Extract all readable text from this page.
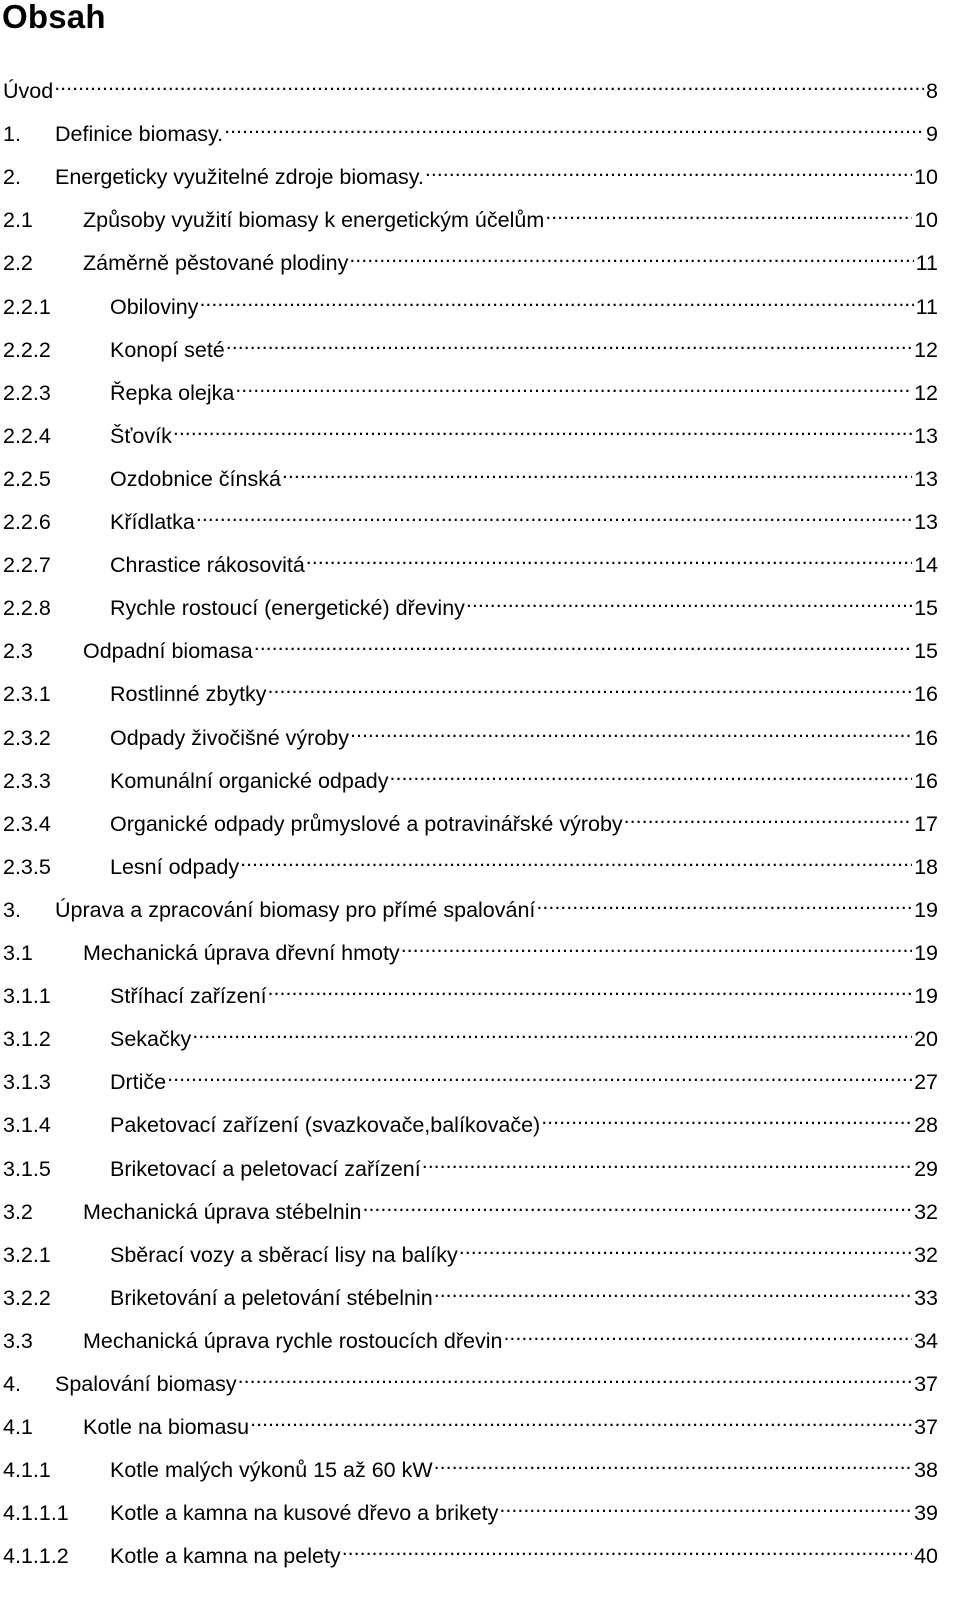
Obsah
Úvod .....	8
1.	Definice biomasy. .....	9
2.	Energeticky využitelné zdroje biomasy. .....	10
2.1	Způsoby využití biomasy k energetickým účelům .....	10
2.2	Záměrně pěstované plodiny .....	11
2.2.1	Obiloviny .....	11
2.2.2	Konopí seté .....	12
2.2.3	Řepka olejka .....	12
2.2.4	Šťovík .....	13
2.2.5	Ozdobnice čínská .....	13
2.2.6	Křídlatka .....	13
2.2.7	Chrastice rákosovitá .....	14
2.2.8	Rychle rostoucí (energetické) dřeviny .....	15
2.3	Odpadní biomasa .....	15
2.3.1	Rostlinné zbytky .....	16
2.3.2	Odpady živočišné výroby .....	16
2.3.3	Komunální organické odpady .....	16
2.3.4	Organické odpady průmyslové a potravinářské výroby .....	17
2.3.5	Lesní odpady .....	18
3.	Úprava a zpracování biomasy pro přímé spalování .....	19
3.1	Mechanická úprava dřevní hmoty .....	19
3.1.1	Stříhací zařízení .....	19
3.1.2	Sekačky .....	20
3.1.3	Drtiče .....	27
3.1.4	Paketovací zařízení (svazkovače,balíkovače) .....	28
3.1.5	Briketovací a peletovací zařízení .....	29
3.2	Mechanická úprava stébelnin .....	32
3.2.1	Sběrací vozy a sběrací lisy na balíky .....	32
3.2.2	Briketování a peletování stébelnin .....	33
3.3	Mechanická úprava rychle rostoucích dřevin .....	34
4.	Spalování biomasy .....	37
4.1	Kotle na biomasu .....	37
4.1.1	Kotle malých výkonů 15 až 60 kW .....	38
4.1.1.1	Kotle a kamna na kusové dřevo a brikety .....	39
4.1.1.2	Kotle a kamna na pelety .....	40
